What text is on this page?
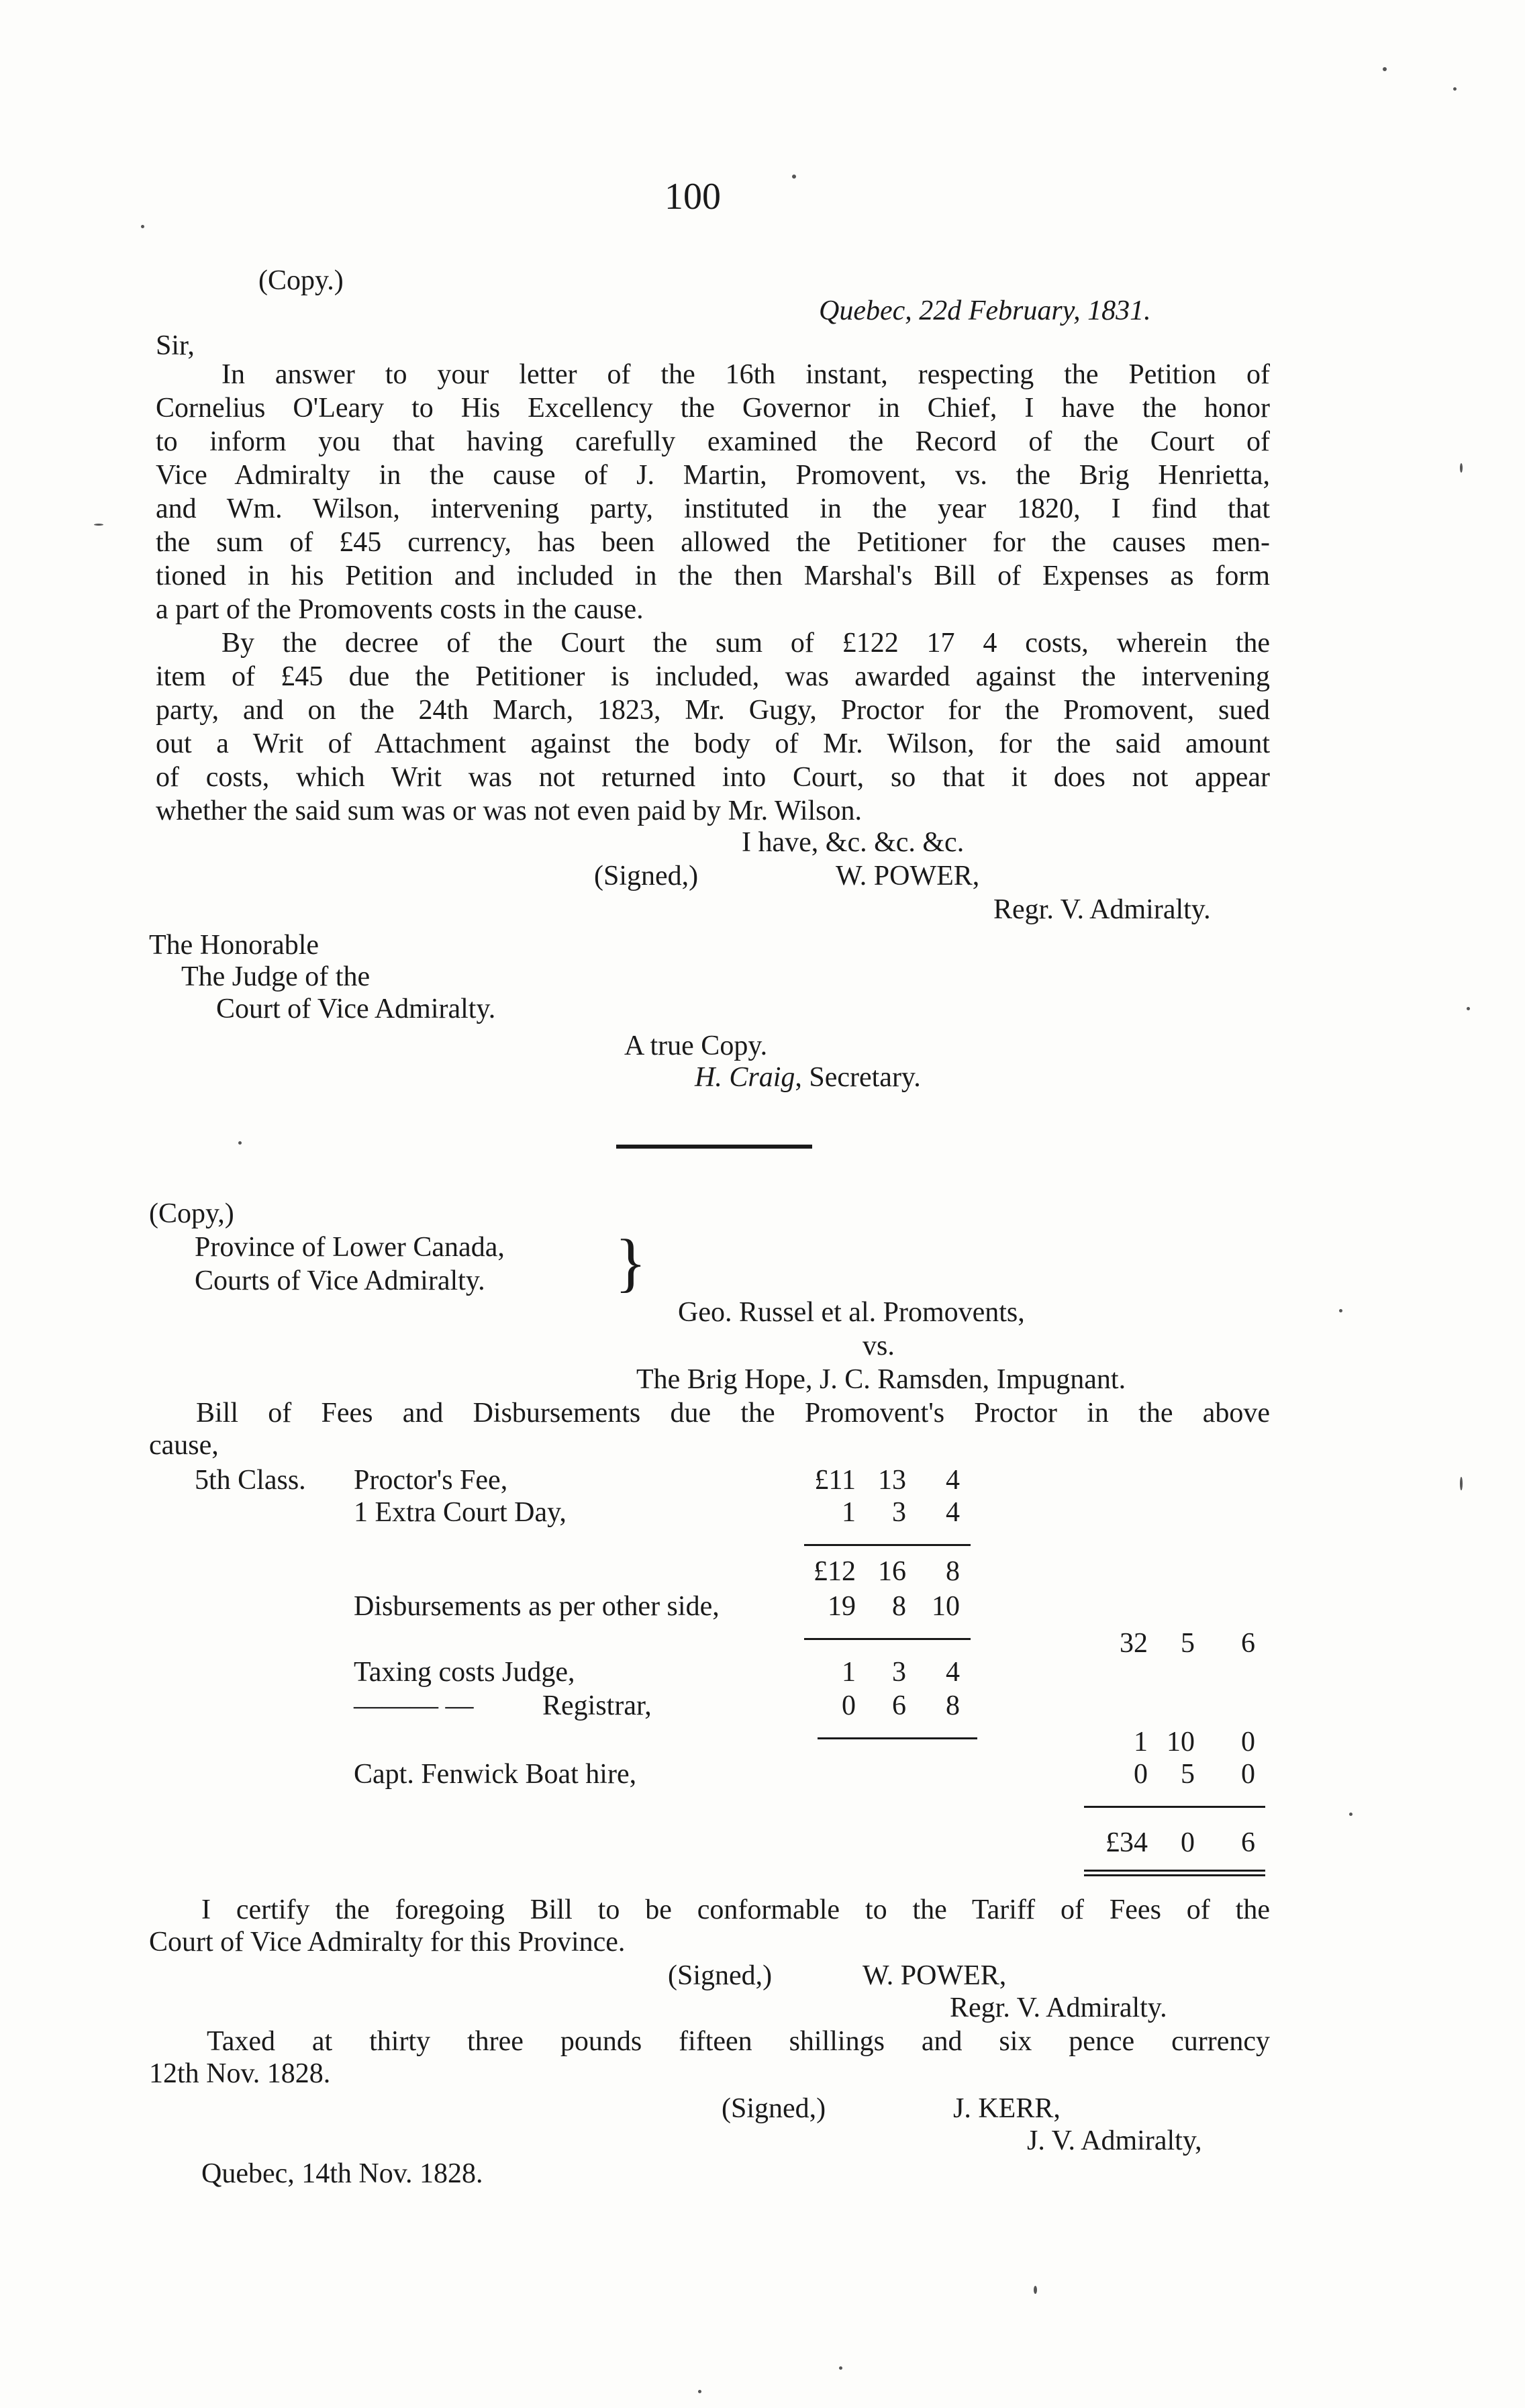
100
(Copy.)
Quebec, 22d February, 1831.
Sir,
In answer to your letter of the 16th instant, respecting the Petition of
Cornelius O'Leary to His Excellency the Governor in Chief, I have the honor
to inform you that having carefully examined the Record of the Court of
Vice Admiralty in the cause of J. Martin, Promovent, vs. the Brig Henrietta,
and Wm. Wilson, intervening party, instituted in the year 1820, I find that
the sum of £45 currency, has been allowed the Petitioner for the causes men-
tioned in his Petition and included in the then Marshal's Bill of Expenses as form
a part of the Promovents costs in the cause.
By the decree of the Court the sum of £122 17 4 costs, wherein the
item of £45 due the Petitioner is included, was awarded against the intervening
party, and on the 24th March, 1823, Mr. Gugy, Proctor for the Promovent, sued
out a Writ of Attachment against the body of Mr. Wilson, for the said amount
of costs, which Writ was not returned into Court, so that it does not appear
whether the said sum was or was not even paid by Mr. Wilson.
I have, &c. &c. &c.
(Signed,)	W. POWER,
Regr. V. Admiralty.
The Honorable
The Judge of the
Court of Vice Admiralty.
A true Copy.
H. Craig, Secretary.
(Copy,)
Province of Lower Canada,
Courts of Vice Admiralty. }
Geo. Russel et al. Promovents,
vs.
The Brig Hope, J. C. Ramsden, Impugnant.
Bill of Fees and Disbursements due the Promovent's Proctor in the above
cause,
5th Class. Proctor's Fee,	£11 13	4
1 Extra Court Day,	1	3	4
£12 16	8
Disbursements as per other side,	19	8 10
32	5	6
Taxing costs Judge,	1	3	4
——— — Registrar,	0	6	8
1 10	0
Capt. Fenwick Boat hire,	0	5	0
£34	0	6
I certify the foregoing Bill to be conformable to the Tariff of Fees of the
Court of Vice Admiralty for this Province.
(Signed,)	W. POWER,
Regr. V. Admiralty.
Taxed at thirty three pounds fifteen shillings and six pence currency
12th Nov. 1828.
(Signed,)	J. KERR,
J. V. Admiralty,
Quebec, 14th Nov. 1828.
